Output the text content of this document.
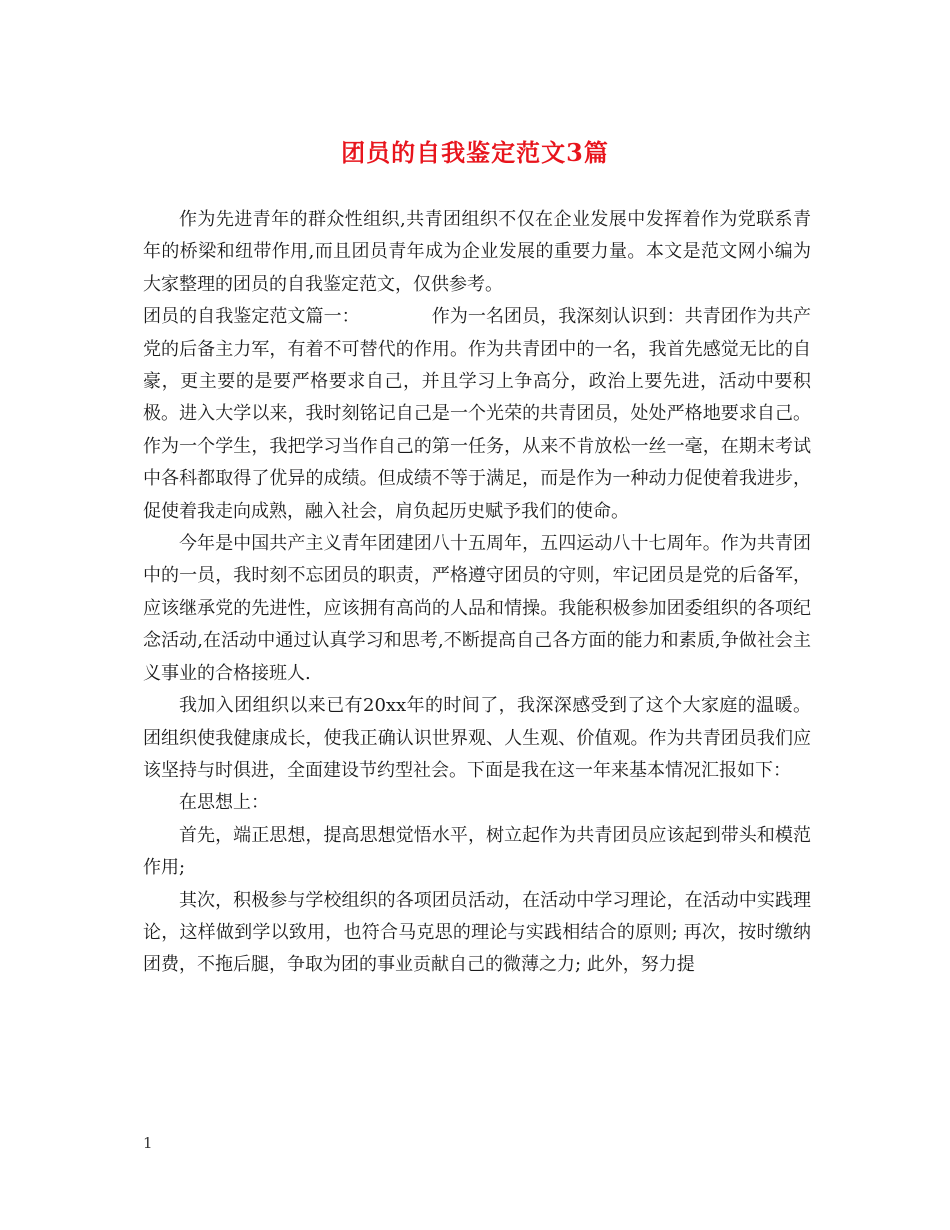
团员的自我鉴定范文3篇

作为先进青年的群众性组织,共青团组织不仅在企业发展中发挥着作为党联系青年的桥梁和纽带作用,而且团员青年成为企业发展的重要力量。本文是范文网小编为大家整理的团员的自我鉴定范文，仅供参考。

团员的自我鉴定范文篇一：	作为一名团员，我深刻认识到：共青团作为共产党的后备主力军，有着不可替代的作用。作为共青团中的一名，我首先感觉无比的自豪，更主要的是要严格要求自己，并且学习上争高分，政治上要先进，活动中要积极。进入大学以来，我时刻铭记自己是一个光荣的共青团员，处处严格地要求自己。作为一个学生，我把学习当作自己的第一任务，从来不肯放松一丝一毫，在期末考试中各科都取得了优异的成绩。但成绩不等于满足，而是作为一种动力促使着我进步，促使着我走向成熟，融入社会，肩负起历史赋予我们的使命。

今年是中国共产主义青年团建团八十五周年，五四运动八十七周年。作为共青团中的一员，我时刻不忘团员的职责，严格遵守团员的守则，牢记团员是党的后备军，应该继承党的先进性，应该拥有高尚的人品和情操。我能积极参加团委组织的各项纪念活动,在活动中通过认真学习和思考,不断提高自己各方面的能力和素质,争做社会主义事业的合格接班人.

我加入团组织以来已有20xx年的时间了，我深深感受到了这个大家庭的温暖。团组织使我健康成长，使我正确认识世界观、人生观、价值观。作为共青团员我们应该坚持与时俱进，全面建设节约型社会。下面是我在这一年来基本情况汇报如下：

在思想上：

首先，端正思想，提高思想觉悟水平，树立起作为共青团员应该起到带头和模范作用;

其次，积极参与学校组织的各项团员活动，在活动中学习理论，在活动中实践理论，这样做到学以致用，也符合马克思的理论与实践相结合的原则; 再次，按时缴纳团费，不拖后腿，争取为团的事业贡献自己的微薄之力; 此外，努力提

1
